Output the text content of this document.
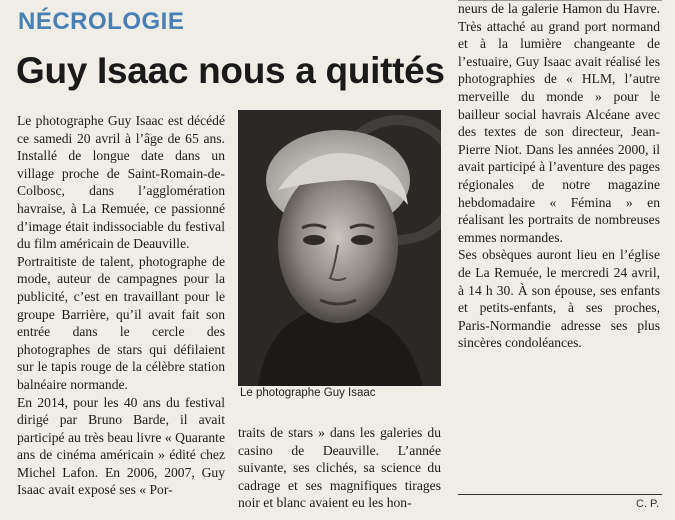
NÉCROLOGIE
Guy Isaac nous a quittés

Le photographe Guy Isaac est décédé ce samedi 20 avril à l’âge de 65 ans. Installé de longue date dans un village proche de Saint-Romain-de-Colbosc, dans l’agglomération havraise, à La Remuée, ce passionné d’image était indissociable du festival du film américain de Deauville.

Portraitiste de talent, photographe de mode, auteur de campagnes pour la publicité, c’est en travaillant pour le groupe Barrière, qu’il avait fait son entrée dans le cercle des photographes de stars qui défilaient sur le tapis rouge de la célèbre station balnéaire normande.

En 2014, pour les 40 ans du festival dirigé par Bruno Barde, il avait participé au très beau livre « Quarante ans de cinéma américain » édité chez Michel Lafon. En 2006, 2007, Guy Isaac avait exposé ses « Por-

Le photographe Guy Isaac

traits de stars » dans les galeries du casino de Deauville. L’année suivante, ses clichés, sa science du cadrage et ses magnifiques tirages noir et blanc avaient eu les hon-

neurs de la galerie Hamon du Havre. Très attaché au grand port normand et à la lumière changeante de l’estuaire, Guy Isaac avait réalisé les photographies de « HLM, l’autre merveille du monde » pour le bailleur social havrais Alcéane avec des textes de son directeur, Jean-Pierre Niot. Dans les années 2000, il avait participé à l’aventure des pages régionales de notre magazine hebdomadaire « Fémina » en réalisant les portraits de nombreuses emmes normandes.

Ses obsèques auront lieu en l’église de La Remuée, le mercredi 24 avril, à 14 h 30. À son épouse, ses enfants et petits-enfants, à ses proches, Paris-Normandie adresse ses plus sincères condoléances.

C. P.
